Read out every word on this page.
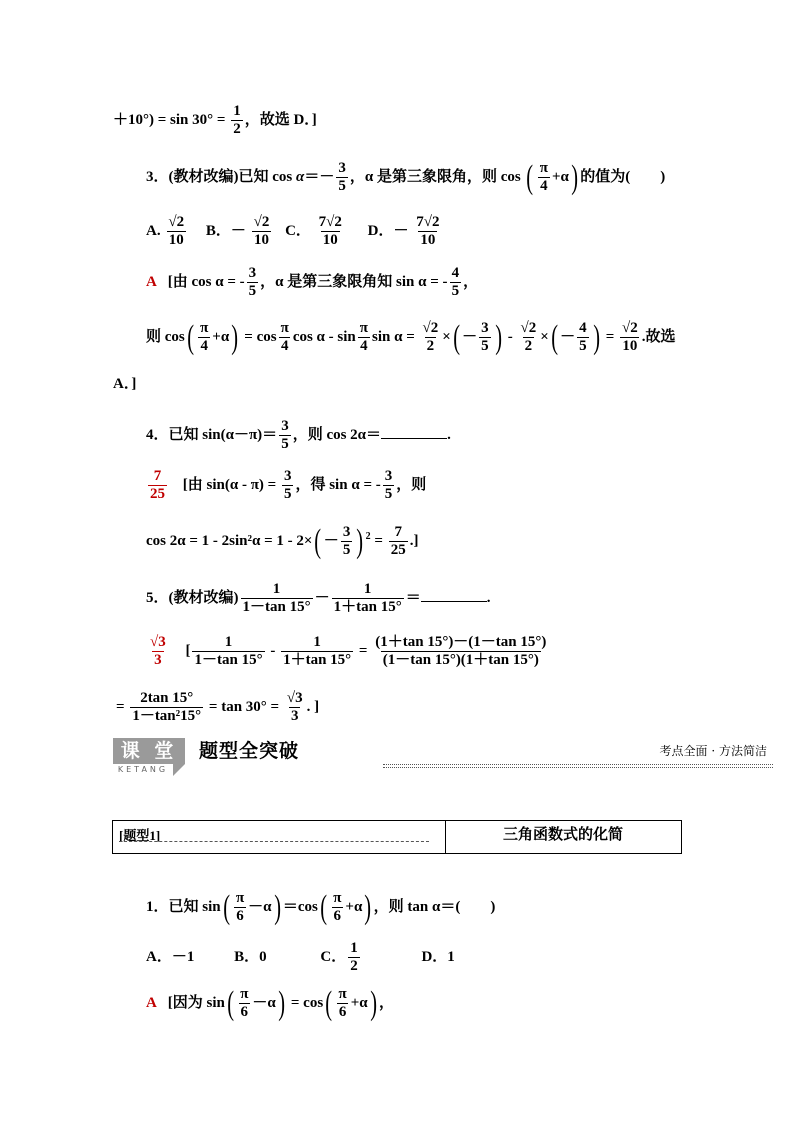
$+10^\circ) = \sin 30^\circ = \frac{1}{2}$ ，故选 D．]
3．(教材改编)已知 $\cos \alpha=- \frac{3}{5}$ ，α 是第三象限角，则 cos ( $\frac{\pi}{4} +\alpha$) 的值为(　　)
A. $\frac{√2}{10}$ B．－ $\frac{√2}{10}$ C． $\frac{7√2}{10}$ D．－ $\frac{7√2}{10}$
A [由 cos α = - $\frac{3}{5}$ ，α 是第三象限角知 sin α = - $\frac{4}{5}$ ，
则 $\cos( \frac{\pi}{4} +\alpha) = \cos \frac{\pi}{4}$ cos α - $\sin \frac{\pi}{4}$ $\sin \alpha = \frac{√2}{2}$ ×( － $\frac{3}{5}$ ) - $\frac{√2}{2}$ ×( － $\frac{4}{5}$ ) = $\frac{√2}{10}$ .故选
A．]
4．已知 $\sin(\alpha-\pi)= \frac{3}{5}$ ，则 cos 2α＝	.
$\frac{7}{25}$ [由 $\sin(\alpha - \pi) = \frac{3}{5}$ ，得 sin α = - $\frac{3}{5}$ ，则
$\cos 2\alpha = 1 - 2\sin^2\alpha = 1 - 2\times( - \frac{3}{5}$ ) $^2 = \frac{7}{25}$ .]
5．(教材改编) $\frac{1}{1-\tan 15^\circ} - \frac{1}{1+\tan 15^\circ}$ ＝	.
$\frac{√3}{3}$ [ $\frac{1}{1-\tan 15^\circ} - \frac{1}{1+\tan 15^\circ} = \frac{(1+\tan 15^\circ)-(1-\tan 15^\circ)}{(1-\tan 15^\circ)(1+\tan 15^\circ)}$
= $\frac{2\tan 15^\circ}{\text{1－tan²15°}} = \tan 30^\circ = \frac{√3}{3}$ . ]
课 堂
KETANG
题型全突破	考点全面 · 方法简洁
[题型1]	三角函数式的化简
1．已知 $\sin( \frac{\pi}{6} -\alpha) =\cos( \frac{\pi}{6} +\alpha)$ ，则 tan α＝(　　)
A．－1	B．0	C． $\frac{1}{2}$	D．1
A [因为 $\sin( \frac{\pi}{6} -\alpha) = \cos( \frac{\pi}{6} +\alpha)$ ，
